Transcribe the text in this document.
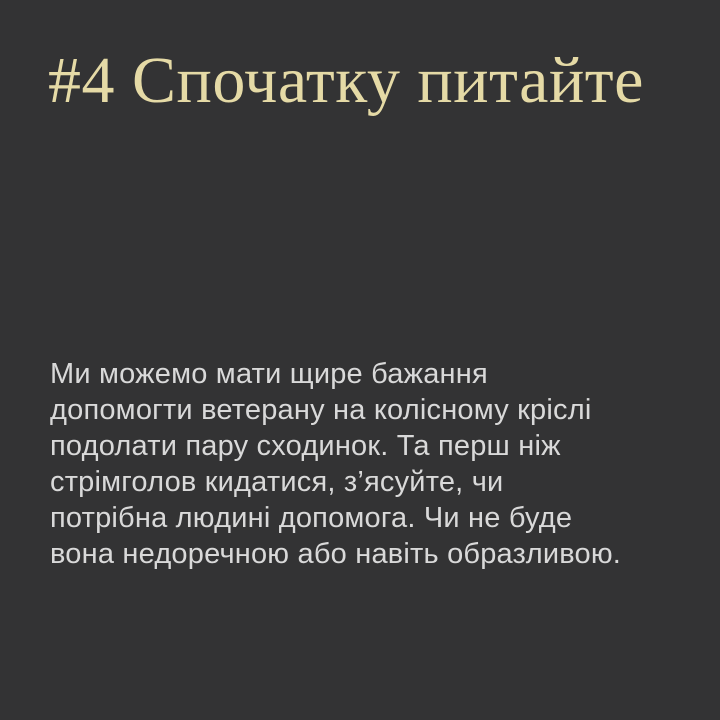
#4 Спочатку питайте
Ми можемо мати щире бажання
допомогти ветерану на колісному кріслі
подолати пару сходинок. Та перш ніж
стрімголов кидатися, з’ясуйте, чи
потрібна людині допомога. Чи не буде
вона недоречною або навіть образливою.
